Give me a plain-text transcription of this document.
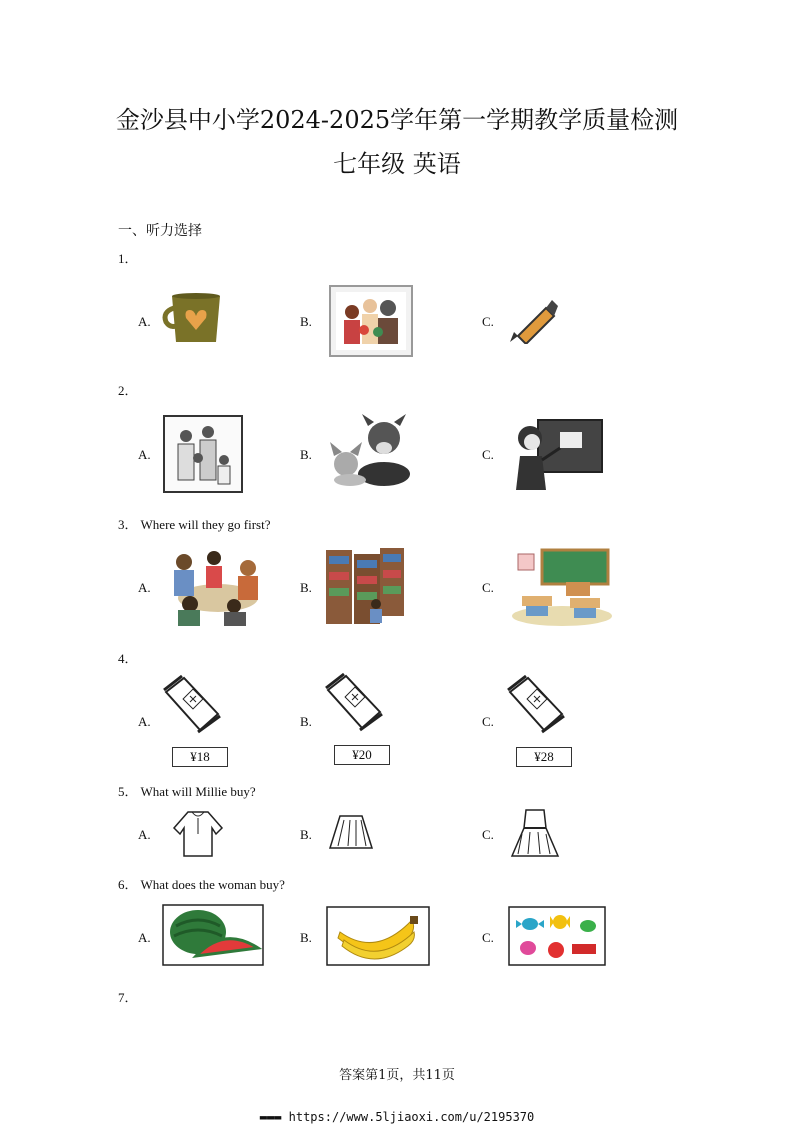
金沙县中小学2024-2025学年第一学期教学质量检测
七年级 英语
一、听力选择
1．
A.	B.	C.
2．
A.	B.	C.
3． Where will they go first?
A.	B.	C.
4．
A.	B.	C.
¥18	¥20	¥28
5． What will Millie buy?
A.	B.	C.
6． What does the woman buy?
A.	B.	C.
7．
答案第1页，共11页
▬▬▬ https://www.5ljiaoxi.com/u/2195370
